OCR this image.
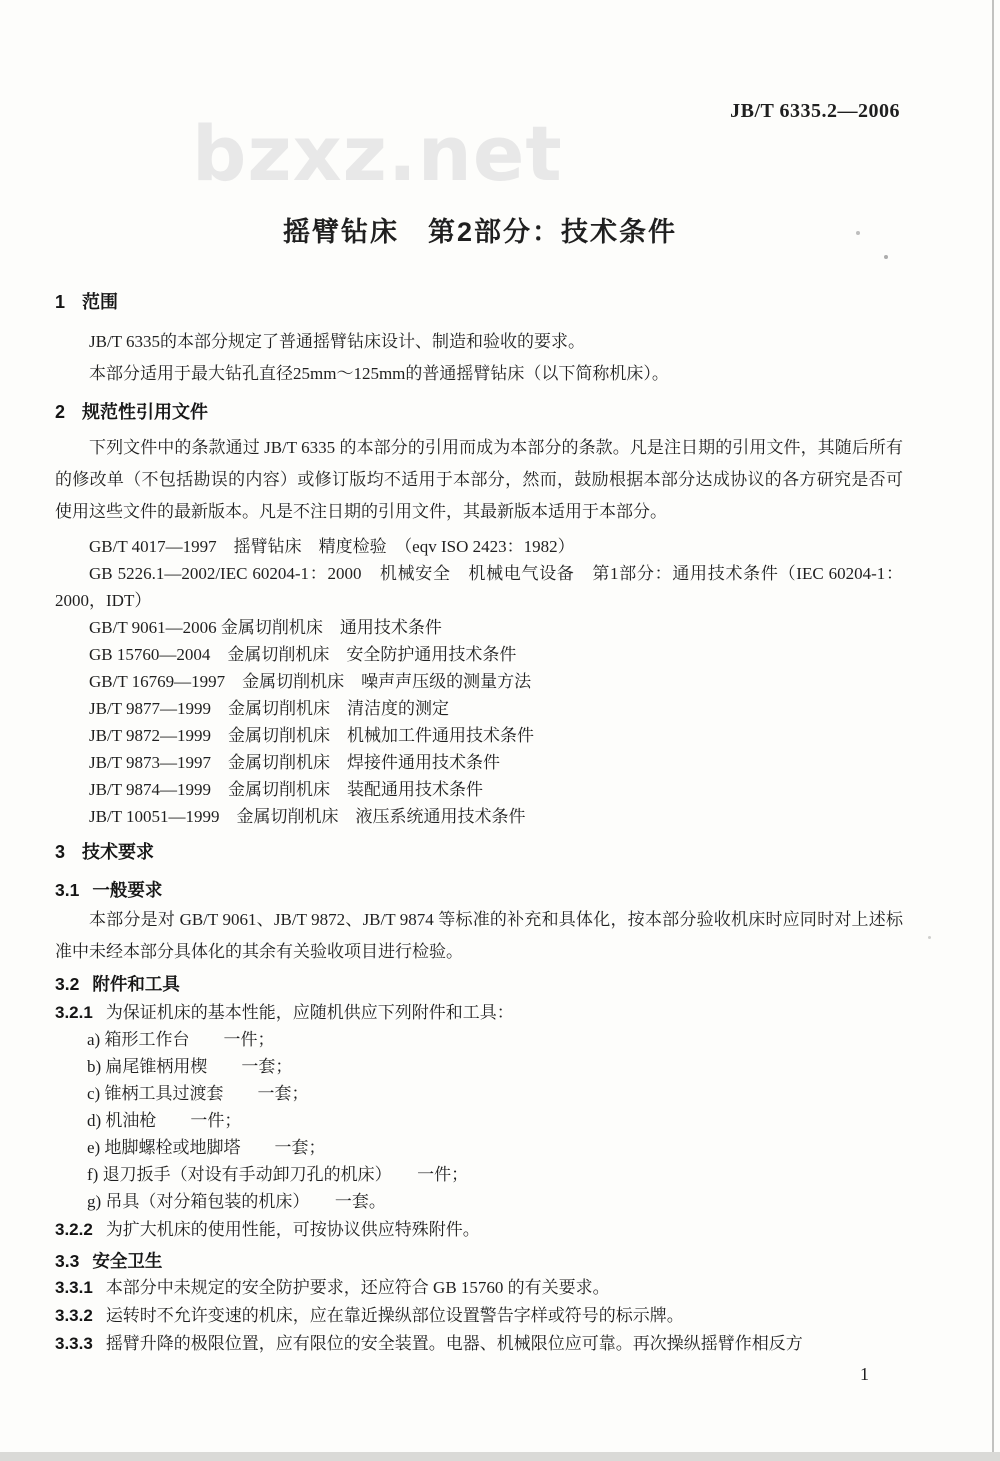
JB/T 6335.2—2006
bzxz.net
摇臂钻床　第2部分：技术条件
1 范围

JB/T 6335的本部分规定了普通摇臂钻床设计、制造和验收的要求。

本部分适用于最大钻孔直径25mm～125mm的普通摇臂钻床（以下简称机床）。

2 规范性引用文件

下列文件中的条款通过 JB/T 6335 的本部分的引用而成为本部分的条款。凡是注日期的引用文件，其随后所有的修改单（不包括勘误的内容）或修订版均不适用于本部分，然而，鼓励根据本部分达成协议的各方研究是否可使用这些文件的最新版本。凡是不注日期的引用文件，其最新版本适用于本部分。

GB/T 4017—1997　摇臂钻床　精度检验　（eqv ISO 2423：1982）

GB 5226.1—2002/IEC 60204-1：2000　机械安全　机械电气设备　第1部分：通用技术条件（IEC 60204-1：2000，IDT）

GB/T 9061—2006 金属切削机床　通用技术条件

GB 15760—2004　金属切削机床　安全防护通用技术条件

GB/T 16769—1997　金属切削机床　噪声声压级的测量方法

JB/T 9877—1999　金属切削机床　清洁度的测定

JB/T 9872—1999　金属切削机床　机械加工件通用技术条件

JB/T 9873—1997　金属切削机床　焊接件通用技术条件

JB/T 9874—1999　金属切削机床　装配通用技术条件

JB/T 10051—1999　金属切削机床　液压系统通用技术条件

3 技术要求
3.1 一般要求

本部分是对 GB/T 9061、JB/T 9872、JB/T 9874 等标准的补充和具体化，按本部分验收机床时应同时对上述标准中未经本部分具体化的其余有关验收项目进行检验。

3.2 附件和工具

3.2.1 为保证机床的基本性能，应随机供应下列附件和工具：

a) 箱形工作台　　一件；

b) 扁尾锥柄用楔　　一套；

c) 锥柄工具过渡套　　一套；

d) 机油枪　　一件；

e) 地脚螺栓或地脚塔　　一套；

f) 退刀扳手（对设有手动卸刀孔的机床）　　一件；

g) 吊具（对分箱包装的机床）　　一套。

3.2.2 为扩大机床的使用性能，可按协议供应特殊附件。

3.3 安全卫生

3.3.1 本部分中未规定的安全防护要求，还应符合 GB 15760 的有关要求。

3.3.2 运转时不允许变速的机床，应在靠近操纵部位设置警告字样或符号的标示牌。

3.3.3 摇臂升降的极限位置，应有限位的安全装置。电器、机械限位应可靠。再次操纵摇臂作相反方

1
